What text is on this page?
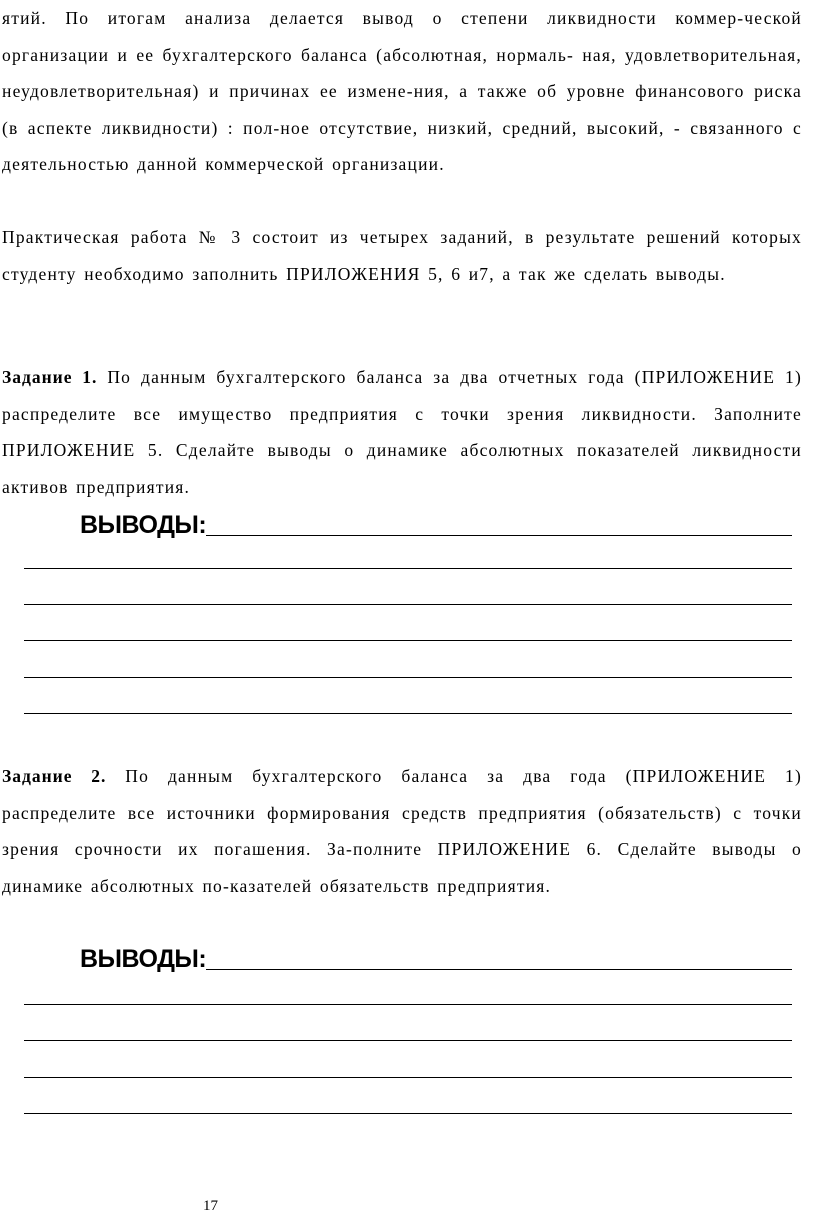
ятий. По итогам анализа делается вывод о степени ликвидности коммер-ческой организации и ее бухгалтерского баланса (абсолютная, нормаль- ная, удовлетворительная, неудовлетворительная) и причинах ее измене-ния, а также об уровне финансового риска (в аспекте ликвидности) : пол-ное отсутствие, низкий, средний, высокий, - связанного с деятельностью данной коммерческой организации.

Практическая работа № 3 состоит из четырех заданий, в результате решений которых студенту необходимо заполнить ПРИЛОЖЕНИЯ 5, 6 и7, а так же сделать выводы.

Задание 1. По данным бухгалтерского баланса за два отчетных года (ПРИЛОЖЕНИЕ 1) распределите все имущество предприятия с точки зрения ликвидности. Заполните ПРИЛОЖЕНИЕ 5. Сделайте выводы о динамике абсолютных показателей ликвидности активов предприятия.

ВЫВОДЫ:

Задание 2. По данным бухгалтерского баланса за два года (ПРИЛОЖЕНИЕ 1) распределите все источники формирования средств предприятия (обязательств) с точки зрения срочности их погашения. За-полните ПРИЛОЖЕНИЕ 6. Сделайте выводы о динамике абсолютных по-казателей обязательств предприятия.

ВЫВОДЫ:
17
